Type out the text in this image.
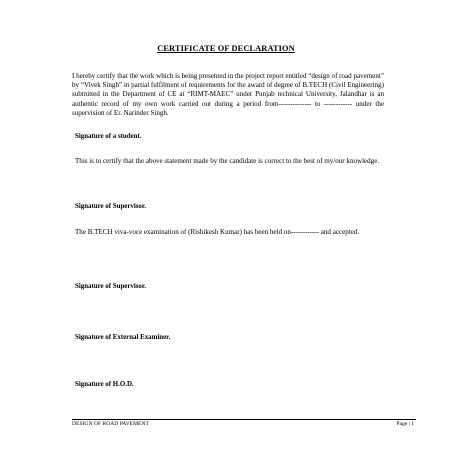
CERTIFICATE OF DECLARATION
I hereby certify that the work which is being presented in the project report entitled “design of road pavement” by “Vivek Singh” in partial fulfilment of requirements for the award of degree of B.TECH (Civil Engineering) submitted in the Department of CE at “RIMT-MAEC” under Punjab technical University, Jalandhar is an authentic record of my own work carried out during a period from-------------- to ------------ under the supervision of Er. Narinder Singh.
Signature of a student.
This is to certify that the above statement made by the candidate is correct to the best of my/our knowledge.
Signature of Supervisor.
The B.TECH viva-voce examination of (Rishikesh Kumar) has been held on------------ and accepted.
Signature of Supervisor.
Signature of External Examiner.
Signature of H.O.D.
DESIGN OF ROAD PAVEMENT	Page | 1
